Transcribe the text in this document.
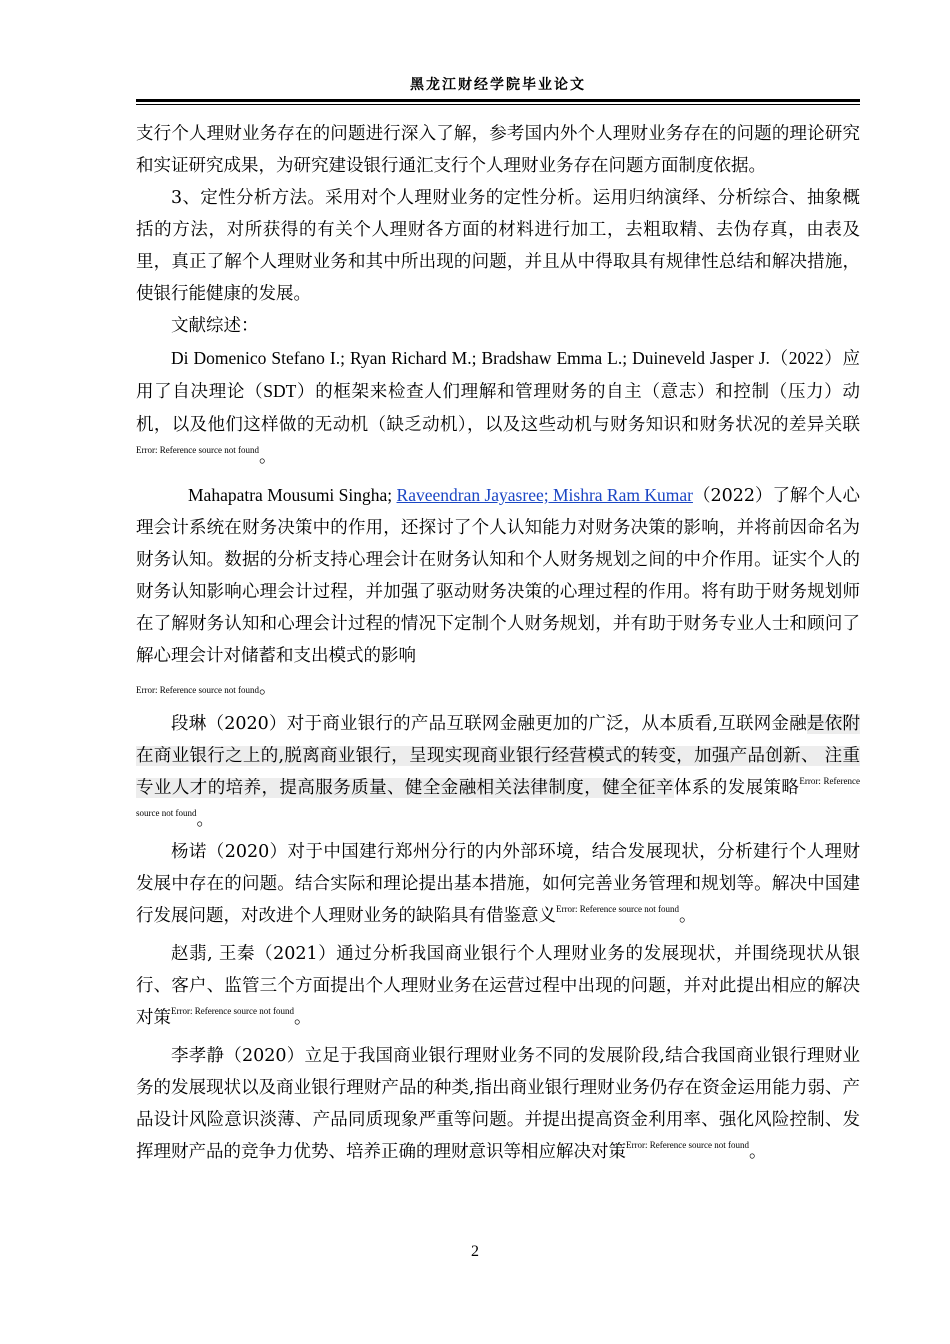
黑龙江财经学院毕业论文

支行个人理财业务存在的问题进行深入了解，参考国内外个人理财业务存在的问题的理论研究和实证研究成果，为研究建设银行通汇支行个人理财业务存在问题方面制度依据。

3、定性分析方法。采用对个人理财业务的定性分析。运用归纳演绎、分析综合、抽象概括的方法，对所获得的有关个人理财各方面的材料进行加工，去粗取精、去伪存真，由表及里，真正了解个人理财业务和其中所出现的问题，并且从中得取具有规律性总结和解决措施，使银行能健康的发展。

文献综述：

Di Domenico Stefano I.; Ryan Richard M.; Bradshaw Emma L.; Duineveld Jasper J.（2022）应用了自决理论（SDT）的框架来检查人们理解和管理财务的自主（意志）和控制（压力）动机，以及他们这样做的无动机（缺乏动机），以及这些动机与财务知识和财务状况的差异关联$^{Error: Reference source not found}$。

Mahapatra Mousumi Singha; Raveendran Jayasree; Mishra Ram Kumar（2022）了解个人心理会计系统在财务决策中的作用，还探讨了个人认知能力对财务决策的影响，并将前因命名为财务认知。数据的分析支持心理会计在财务认知和个人财务规划之间的中介作用。证实个人的财务认知影响心理会计过程，并加强了驱动财务决策的心理过程的作用。将有助于财务规划师在了解财务认知和心理会计过程的情况下定制个人财务规划，并有助于财务专业人士和顾问了解心理会计对储蓄和支出模式的影响
Error: Reference source not found。

段琳（2020）对于商业银行的产品互联网金融更加的广泛，从本质看,互联网金融是依附在商业银行之上的,脱离商业银行，呈现实现商业银行经营模式的转变，加强产品创新、 注重专业人才的培养，提高服务质量、健全金融相关法律制度，健全征辛体系的发展策略$^{Error: Reference source not found}$。

杨诺（2020）对于中国建行郑州分行的内外部环境，结合发展现状，分析建行个人理财发展中存在的问题。结合实际和理论提出基本措施，如何完善业务管理和规划等。解决中国建行发展问题，对改进个人理财业务的缺陷具有借鉴意义$^{Error: Reference source not found}$。

赵翡, 王秦（2021）通过分析我国商业银行个人理财业务的发展现状，并围绕现状从银行、客户、监管三个方面提出个人理财业务在运营过程中出现的问题，并对此提出相应的解决对策$^{Error: Reference source not found}$。

李孝静（2020）立足于我国商业银行理财业务不同的发展阶段,结合我国商业银行理财业务的发展现状以及商业银行理财产品的种类,指出商业银行理财业务仍存在资金运用能力弱、产品设计风险意识淡薄、产品同质现象严重等问题。并提出提高资金利用率、强化风险控制、发挥理财产品的竞争力优势、培养正确的理财意识等相应解决对策$^{Error: Reference source not found}$。

2
